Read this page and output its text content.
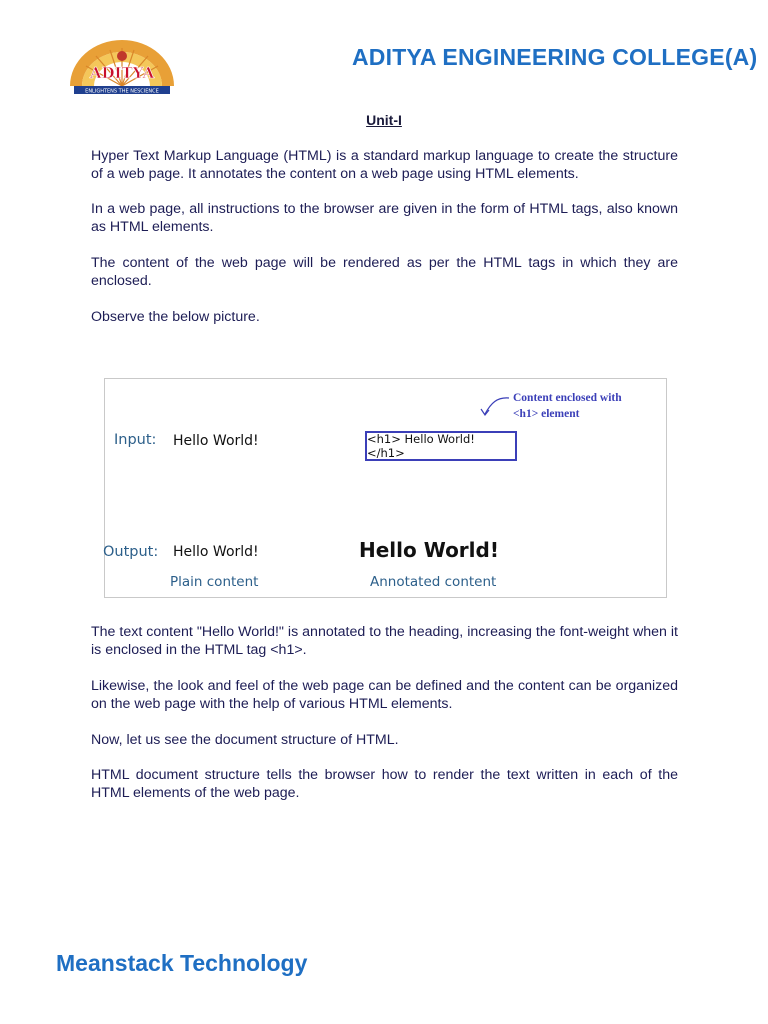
ADITYA
ENLIGHTENS THE NESCIENCE
ADITYA ENGINEERING COLLEGE(A)
Unit-I

Hyper Text Markup Language (HTML) is a standard markup language to create the structure of a web page. It annotates the content on a web page using HTML elements.

In a web page, all instructions to the browser are given in the form of HTML tags, also known as HTML elements.

The content of the web page will be rendered as per the HTML tags in which they are enclosed.

Observe the below picture.

Content enclosed with
<h1> element
Input: Hello World!	<h1> Hello World! </h1>
Output: Hello World!	Hello World!
Plain content	Annotated content

The text content "Hello World!" is annotated to the heading, increasing the font-weight when it is enclosed in the HTML tag <h1>.

Likewise, the look and feel of the web page can be defined and the content can be organized on the web page with the help of various HTML elements.

Now, let us see the document structure of HTML.

HTML document structure tells the browser how to render the text written in each of the HTML elements of the web page.

Meanstack Technology
